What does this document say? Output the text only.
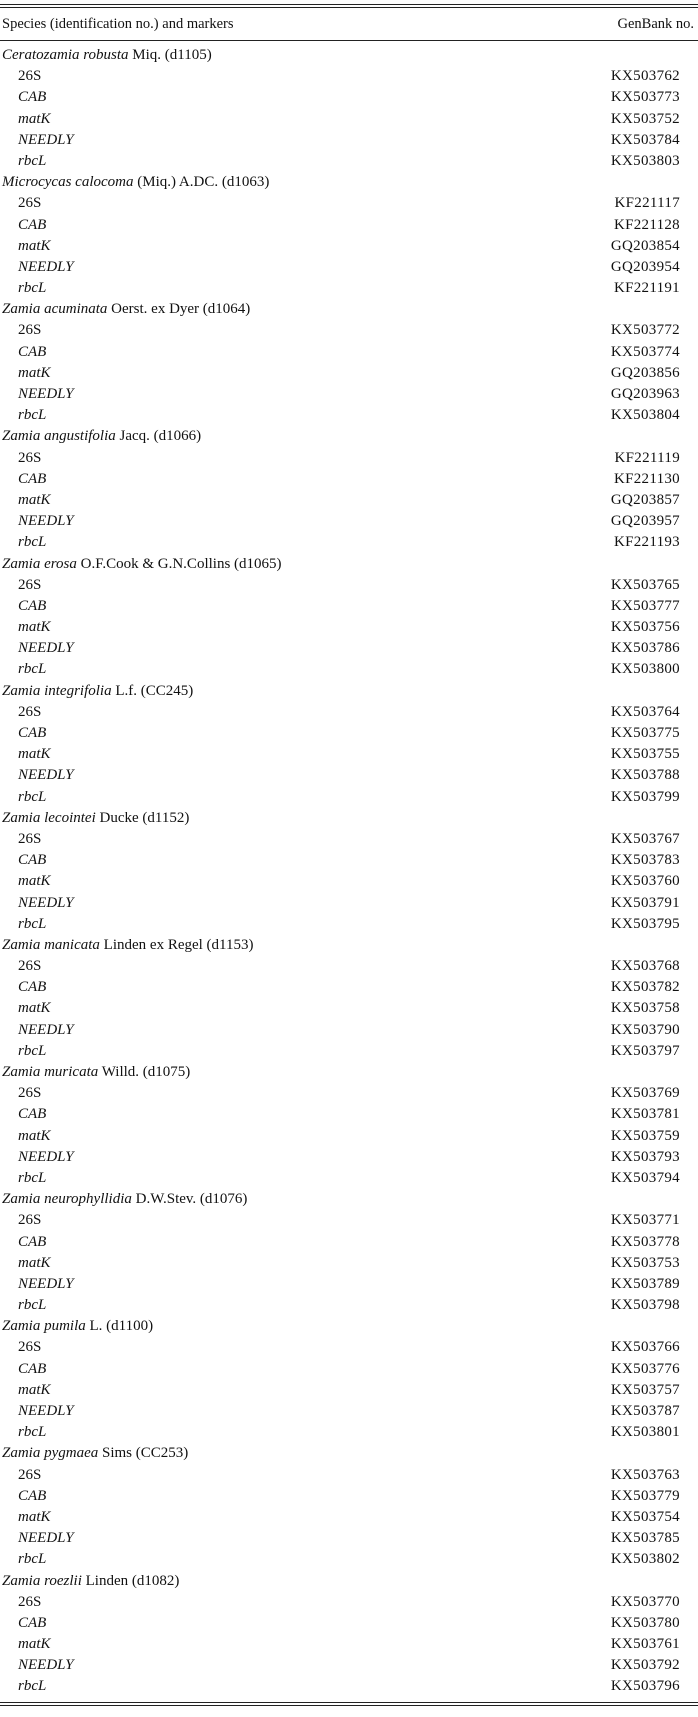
Species (identification no.) and markers	GenBank no.
Ceratozamia robusta Miq. (d1105)
26S	KX503762
CAB	KX503773
matK	KX503752
NEEDLY	KX503784
rbcL	KX503803
Microcycas calocoma (Miq.) A.DC. (d1063)
26S	KF221117
CAB	KF221128
matK	GQ203854
NEEDLY	GQ203954
rbcL	KF221191
Zamia acuminata Oerst. ex Dyer (d1064)
26S	KX503772
CAB	KX503774
matK	GQ203856
NEEDLY	GQ203963
rbcL	KX503804
Zamia angustifolia Jacq. (d1066)
26S	KF221119
CAB	KF221130
matK	GQ203857
NEEDLY	GQ203957
rbcL	KF221193
Zamia erosa O.F.Cook & G.N.Collins (d1065)
26S	KX503765
CAB	KX503777
matK	KX503756
NEEDLY	KX503786
rbcL	KX503800
Zamia integrifolia L.f. (CC245)
26S	KX503764
CAB	KX503775
matK	KX503755
NEEDLY	KX503788
rbcL	KX503799
Zamia lecointei Ducke (d1152)
26S	KX503767
CAB	KX503783
matK	KX503760
NEEDLY	KX503791
rbcL	KX503795
Zamia manicata Linden ex Regel (d1153)
26S	KX503768
CAB	KX503782
matK	KX503758
NEEDLY	KX503790
rbcL	KX503797
Zamia muricata Willd. (d1075)
26S	KX503769
CAB	KX503781
matK	KX503759
NEEDLY	KX503793
rbcL	KX503794
Zamia neurophyllidia D.W.Stev. (d1076)
26S	KX503771
CAB	KX503778
matK	KX503753
NEEDLY	KX503789
rbcL	KX503798
Zamia pumila L. (d1100)
26S	KX503766
CAB	KX503776
matK	KX503757
NEEDLY	KX503787
rbcL	KX503801
Zamia pygmaea Sims (CC253)
26S	KX503763
CAB	KX503779
matK	KX503754
NEEDLY	KX503785
rbcL	KX503802
Zamia roezlii Linden (d1082)
26S	KX503770
CAB	KX503780
matK	KX503761
NEEDLY	KX503792
rbcL	KX503796
